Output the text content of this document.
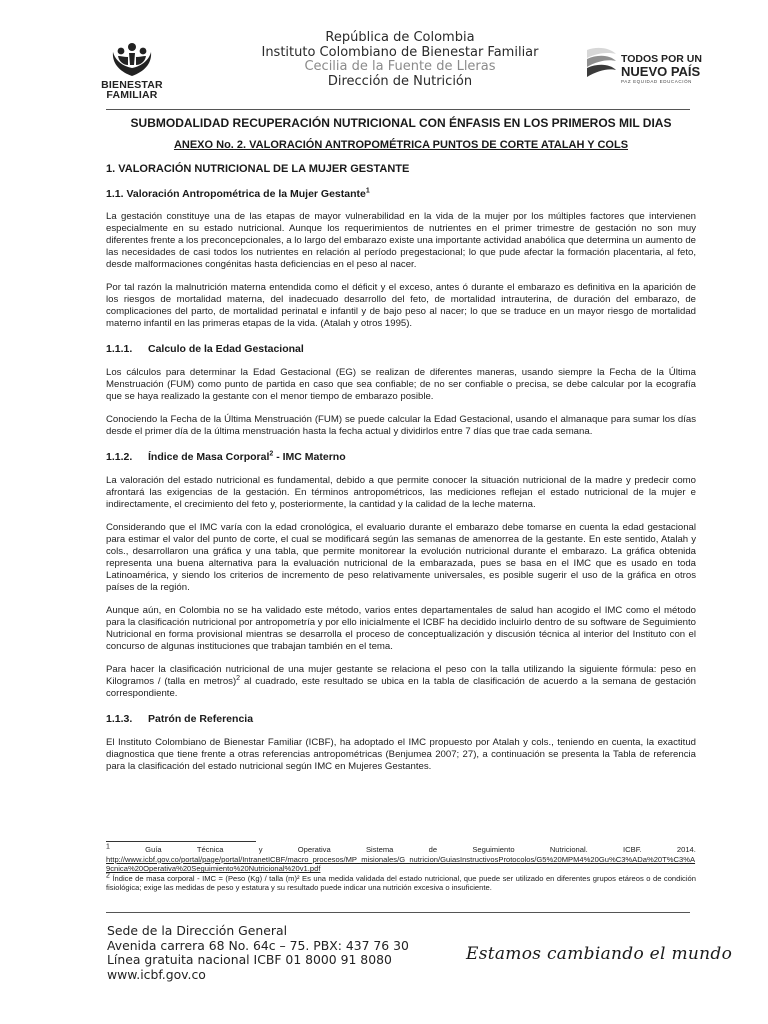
BIENESTAR
FAMILIAR
República de Colombia
Instituto Colombiano de Bienestar Familiar
Cecilia de la Fuente de Lleras
Dirección de Nutrición
TODOS POR UN
NUEVO PAÍS
PAZ EQUIDAD EDUCACIÓN
SUBMODALIDAD RECUPERACIÓN NUTRICIONAL CON ÉNFASIS EN LOS PRIMEROS MIL DIAS
ANEXO No. 2. VALORACIÓN ANTROPOMÉTRICA PUNTOS DE CORTE ATALAH Y COLS
1. VALORACIÓN NUTRICIONAL DE LA MUJER GESTANTE
1.1. Valoración Antropométrica de la Mujer Gestante$^1$

La gestación constituye una de las etapas de mayor vulnerabilidad en la vida de la mujer por los múltiples factores que intervienen especialmente en su estado nutricional. Aunque los requerimientos de nutrientes en el primer trimestre de gestación no son muy diferentes frente a los preconcepcionales, a lo largo del embarazo existe una importante actividad anabólica que determina un aumento de las necesidades de casi todos los nutrientes en relación al período pregestacional; lo que pude afectar la formación placentaria, al feto, desde malformaciones congénitas hasta deficiencias en el peso al nacer.

Por tal razón la malnutrición materna entendida como el déficit y el exceso, antes ó durante el embarazo es definitiva en la aparición de los riesgos de mortalidad materna, del inadecuado desarrollo del feto, de mortalidad intrauterina, de duración del embarazo, de complicaciones del parto, de mortalidad perinatal e infantil y de bajo peso al nacer; lo que se traduce en un mayor riesgo de mortalidad materno infantil en las primeras etapas de la vida. (Atalah y otros 1995).

1.1.1. Calculo de la Edad Gestacional

Los cálculos para determinar la Edad Gestacional (EG) se realizan de diferentes maneras, usando siempre la Fecha de la Última Menstruación (FUM) como punto de partida en caso que sea confiable; de no ser confiable o precisa, se debe calcular por la ecografía que se haya realizado la gestante con el menor tiempo de embarazo posible.

Conociendo la Fecha de la Última Menstruación (FUM) se puede calcular la Edad Gestacional, usando el almanaque para sumar los días desde el primer día de la última menstruación hasta la fecha actual y dividirlos entre 7 días que trae cada semana.

1.1.2. Índice de Masa Corporal$^2$ - IMC Materno

La valoración del estado nutricional es fundamental, debido a que permite conocer la situación nutricional de la madre y predecir como afrontará las exigencias de la gestación. En términos antropométricos, las mediciones reflejan el estado nutricional de la mujer e indirectamente, el crecimiento del feto y, posteriormente, la cantidad y la calidad de la leche materna.

Considerando que el IMC varía con la edad cronológica, el evaluario durante el embarazo debe tomarse en cuenta la edad gestacional para estimar el valor del punto de corte, el cual se modificará según las semanas de amenorrea de la gestante. En este sentido, Atalah y cols., desarrollaron una gráfica y una tabla, que permite monitorear la evolución nutricional durante el embarazo. La gráfica obtenida representa una buena alternativa para la evaluación nutricional de la embarazada, pues se basa en el IMC que es usado en toda Latinoamérica, y siendo los criterios de incremento de peso relativamente universales, es posible sugerir el uso de la gráfica en otros países de la región.

Aunque aún, en Colombia no se ha validado este método, varios entes departamentales de salud han acogido el IMC como el método para la clasificación nutricional por antropometría y por ello inicialmente el ICBF ha decidido incluirlo dentro de su software de Seguimiento Nutricional en forma provisional mientras se desarrolla el proceso de conceptualización y discusión técnica al interior del Instituto con el concurso de algunas instituciones que trabajan también en el tema.

Para hacer la clasificación nutricional de una mujer gestante se relaciona el peso con la talla utilizando la siguiente fórmula: peso en Kilogramos / (talla en metros)$^2$ al cuadrado, este resultado se ubica en la tabla de clasificación de acuerdo a la semana de gestación correspondiente.

1.1.3. Patrón de Referencia

El Instituto Colombiano de Bienestar Familiar (ICBF), ha adoptado el IMC propuesto por Atalah y cols., teniendo en cuenta, la exactitud diagnostica que tiene frente a otras referencias antropométricas (Benjumea 2007; 27), a continuación se presenta la Tabla de referencia para la clasificación del estado nutricional según IMC en Mujeres Gestantes.

$^1$	Guía	Técnica	y	Operativa	Sistema	de	Seguimiento	Nutricional.	ICBF.	2014.
http://www.icbf.gov.co/portal/page/portal/IntranetICBF/macro_procesos/MP_misionales/G_nutricion/GuiasInstructivosProtocolos/G5%20MPM4%20Gu%C3%ADa%20T%C3%A9cnica%20Operativa%20Seguimiento%20Nutricional%20v1.pdf
$^2$ Índice de masa corporal - IMC = (Peso (Kg) / talla (m)² Es una medida validada del estado nutricional, que puede ser utilizado en diferentes grupos etáreos o de condición fisiológica; exige las medidas de peso y estatura y su resultado puede indicar una nutrición excesiva o insuficiente.
Sede de la Dirección General
Avenida carrera 68 No. 64c – 75. PBX: 437 76 30
Línea gratuita nacional ICBF 01 8000 91 8080
www.icbf.gov.co
Estamos cambiando el mundo
